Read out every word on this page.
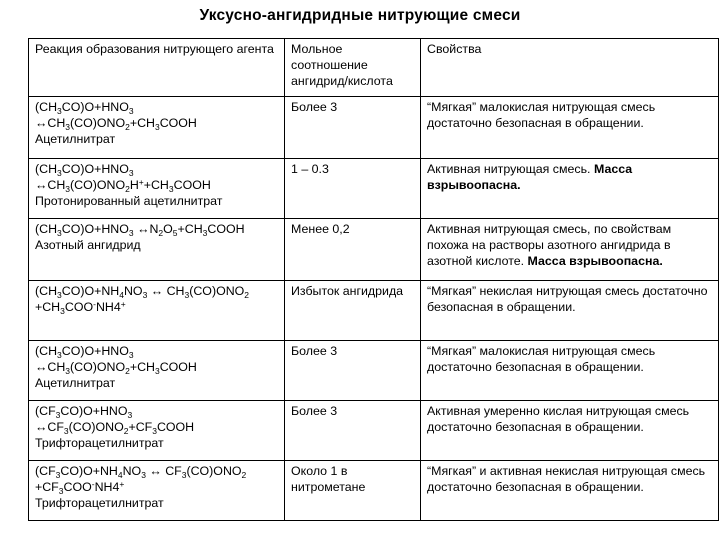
Уксусно-ангидридные нитрующие смеси
Реакция образования нитрующего агента	Мольное соотношение ангидрид/кислота	Свойства

$(CH_3CO)O+HNO_3$
$\leftrightarrow CH_3(CO)ONO_2+CH_3COOH$
Ацетилнитрат	Более 3	“Мягкая” малокислая нитрующая смесь достаточно безопасная в обращении.

$(CH_3CO)O+HNO_3$
$\leftrightarrow CH_3(CO)ONO_2H^++CH_3COOH$
Протонированный ацетилнитрат	1 – 0.3	Активная нитрующая смесь. Масса взрывоопасна.

$(CH_3CO)O+HNO_3$ $\leftrightarrow N_2O_5+CH_3COOH$
Азотный ангидрид	Менее 0,2	Активная нитрующая смесь, по свойствам похожа на растворы азотного ангидрида в азотной кислоте. Масса взрывоопасна.

$(CH_3CO)O+NH_4NO_3$ ↔ $CH_3(CO)ONO_2$
$+CH_3COO^-NH4^+$	Избыток ангидрида	“Мягкая” некислая нитрующая смесь достаточно безопасная в обращении.

$(CH_3CO)O+HNO_3$
$\leftrightarrow CH_3(CO)ONO_2+CH_3COOH$
Ацетилнитрат	Более 3	“Мягкая” малокислая нитрующая смесь достаточно безопасная в обращении.

$(CF_3CO)O+HNO_3$
$\leftrightarrow CF_3(CO)ONO_2+CF_3COOH$
Трифторацетилнитрат	Более 3	Активная умеренно кислая нитрующая смесь достаточно безопасная в обращении.

$(CF_3CO)O+NH_4NO_3$ ↔ $CF_3(CO)ONO_2$
$+CF_3COO^-NH4^+$
Трифторацетилнитрат	Около 1 в нитрометане	“Мягкая” и активная некислая нитрующая смесь достаточно безопасная в обращении.
